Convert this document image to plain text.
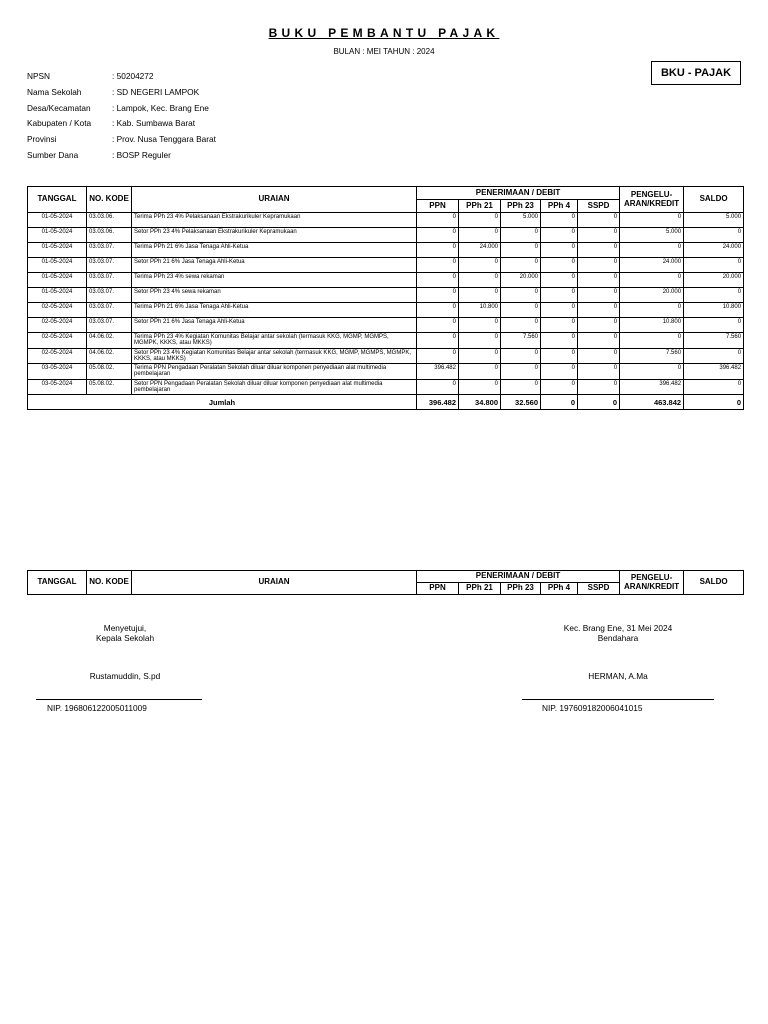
BUKU PEMBANTU PAJAK
BULAN : MEI TAHUN : 2024
BKU - PAJAK
NPSN	: 50204272
Nama Sekolah	: SD NEGERI LAMPOK
Desa/Kecamatan	: Lampok, Kec. Brang Ene
Kabupaten / Kota	: Kab. Sumbawa Barat
Provinsi	: Prov. Nusa Tenggara Barat
Sumber Dana	: BOSP Reguler
TANGGAL	NO. KODE	URAIAN	PENERIMAAN / DEBIT					PENGELU-ARAN/KREDIT	SALDO
			PPN	PPh 21	PPh 23	PPh 4	SSPD		
01-05-2024	03.03.06.	Terima PPh 23 4% Pelaksanaan Ekstrakurikuler Kepramukaan	0	0	5.000	0	0	0	5.000
01-05-2024	03.03.06.	Setor PPh 23 4% Pelaksanaan Ekstrakurikuler Kepramukaan	0	0	0	0	0	5.000	0
01-05-2024	03.03.07.	Terima PPh 21 6% Jasa Tenaga Ahli-Ketua	0	24.000	0	0	0	0	24.000
01-05-2024	03.03.07.	Setor PPh 21 6% Jasa Tenaga Ahli-Ketua	0	0	0	0	0	24.000	0
01-05-2024	03.03.07.	Terima PPh 23 4% sewa rekaman	0	0	20.000	0	0	0	20.000
01-05-2024	03.03.07.	Setor PPh 23 4% sewa rekaman	0	0	0	0	0	20.000	0
02-05-2024	03.03.07.	Terima PPh 21 6% Jasa Tenaga Ahli-Ketua	0	10.800	0	0	0	0	10.800
02-05-2024	03.03.07.	Setor PPh 21 6% Jasa Tenaga Ahli-Ketua	0	0	0	0	0	10.800	0
02-05-2024	04.06.02.	Terima PPh 23 4% Kegiatan Komunitas Belajar antar sekolah (termasuk KKG, MGMP, MGMPS, MGMPK, KKKS, atau MKKS)	0	0	7.560	0	0	0	7.560
02-05-2024	04.06.02.	Setor PPh 23 4% Kegiatan Komunitas Belajar antar sekolah (termasuk KKG, MGMP, MGMPS, MGMPK, KKKS, atau MKKS)	0	0	0	0	0	7.560	0
03-05-2024	05.08.02.	Terima PPN Pengadaan Peralatan Sekolah diluar diluar komponen penyediaan alat multimedia pembelajaran	396.482	0	0	0	0	0	396.482
03-05-2024	05.08.02.	Setor PPN Pengadaan Peralatan Sekolah diluar diluar komponen penyediaan alat multimedia pembelajaran	0	0	0	0	0	396.482	0
Jumlah			396.482	34.800	32.560	0	0	463.842	0
TANGGAL	NO. KODE	URAIAN	PENERIMAAN / DEBIT					PENGELU-ARAN/KREDIT	SALDO
			PPN	PPh 21	PPh 23	PPh 4	SSPD		
Menyetujui,
Kepala Sekolah
Rustamuddin, S.pd
NIP. 196806122005011009
Kec. Brang Ene, 31 Mei 2024
Bendahara
HERMAN, A.Ma
NIP. 197609182006041015
